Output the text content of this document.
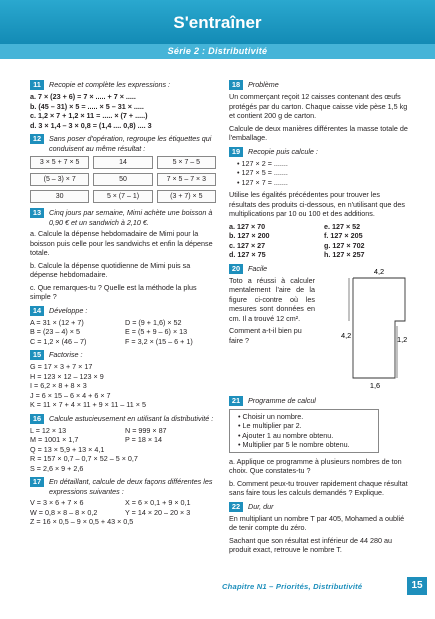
S'entraîner
Série 2 : Distributivité
11	Recopie et complète les expressions :
a. 7 × (23 + 6) = 7 × ..... + 7 × .....
b. (45 – 31) × 5 = ..... × 5 – 31 × .....
c. 1,2 × 7 + 1,2 × 11 = ..... × (7 + .....)
d. 3 × 1,4 – 3 × 0,8 = (1,4 .... 0,8) .... 3
12	Sans poser d'opération, regroupe les étiquettes qui conduisent au même résultat :
3 × 5 + 7 × 5	14	5 × 7 – 5
(5 – 3) × 7	50	7 × 5 – 7 × 3
30	5 × (7 – 1)	(3 + 7) × 5
13	Cinq jours par semaine, Mimi achète une boisson à 0,90 € et un sandwich à 2,10 €.
a. Calcule la dépense hebdomadaire de Mimi pour la boisson puis celle pour les sandwichs et enfin la dépense totale.
b. Calcule la dépense quotidienne de Mimi puis sa dépense hebdomadaire.
c. Que remarques-tu ? Quelle est la méthode la plus simple ?
14	Développe :
A = 31 × (12 + 7)
B = (23 – 4) × 5
C = 1,2 × (46 – 7)
D = (9 + 1,6) × 52
E = (5 + 9 – 6) × 13
F = 3,2 × (15 – 6 + 1)
15	Factorise :
G = 17 × 3 + 7 × 17
H = 123 × 12 – 123 × 9
I = 6,2 × 8 + 8 × 3
J = 6 × 15 – 6 × 4 + 6 × 7
K = 11 × 7 + 4 × 11 + 9 × 11 – 11 × 5
16	Calcule astucieusement en utilisant la distributivité :
L = 12 × 13
M = 1001 × 1,7
N = 999 × 87
P = 18 × 14
Q = 13 × 5,9 + 13 × 4,1
R = 157 × 0,7 – 0,7 × 52 – 5 × 0,7
S = 2,6 × 9 + 2,6
17	En détaillant, calcule de deux façons différentes les expressions suivantes :
V = 3 × 6 + 7 × 6
W = 0,8 × 8 – 8 × 0,2
X = 6 × 0,1 + 9 × 0,1
Y = 14 × 20 – 20 × 3
Z = 16 × 0,5 – 9 × 0,5 + 43 × 0,5
18	Problème
Un commerçant reçoit 12 caisses contenant des œufs protégés par du carton. Chaque caisse vide pèse 1,5 kg et contient 200 g de carton.
Calcule de deux manières différentes la masse totale de l'emballage.
19	Recopie puis calcule :
• 127 × 2 = .......
• 127 × 5 = .......
• 127 × 7 = .......
Utilise les égalités précédentes pour trouver les résultats des produits ci-dessous, en n'utilisant que des multiplications par 10 ou 100 et des additions.
a. 127 × 70
b. 127 × 200
c. 127 × 27
d. 127 × 75
e. 127 × 52
f. 127 × 205
g. 127 × 702
h. 127 × 257
20	Facile
Toto a réussi à calculer mentalement l'aire de la figure ci-contre où les mesures sont données en cm. Il a trouvé 12 cm².
Comment a-t-il bien pu faire ?
4,2
4,2	1,2
1,6
21	Programme de calcul
• Choisir un nombre.
• Le multiplier par 2.
• Ajouter 1 au nombre obtenu.
• Multiplier par 5 le nombre obtenu.
a. Applique ce programme à plusieurs nombres de ton choix. Que constates-tu ?
b. Comment peux-tu trouver rapidement chaque résultat sans faire tous les calculs demandés ? Explique.
22	Dur, dur
En multipliant un nombre T par 405, Mohamed a oublié de tenir compte du zéro.
Sachant que son résultat est inférieur de 44 280 au produit exact, retrouve le nombre T.
Chapitre N1 – Priorités, Distributivité	15
